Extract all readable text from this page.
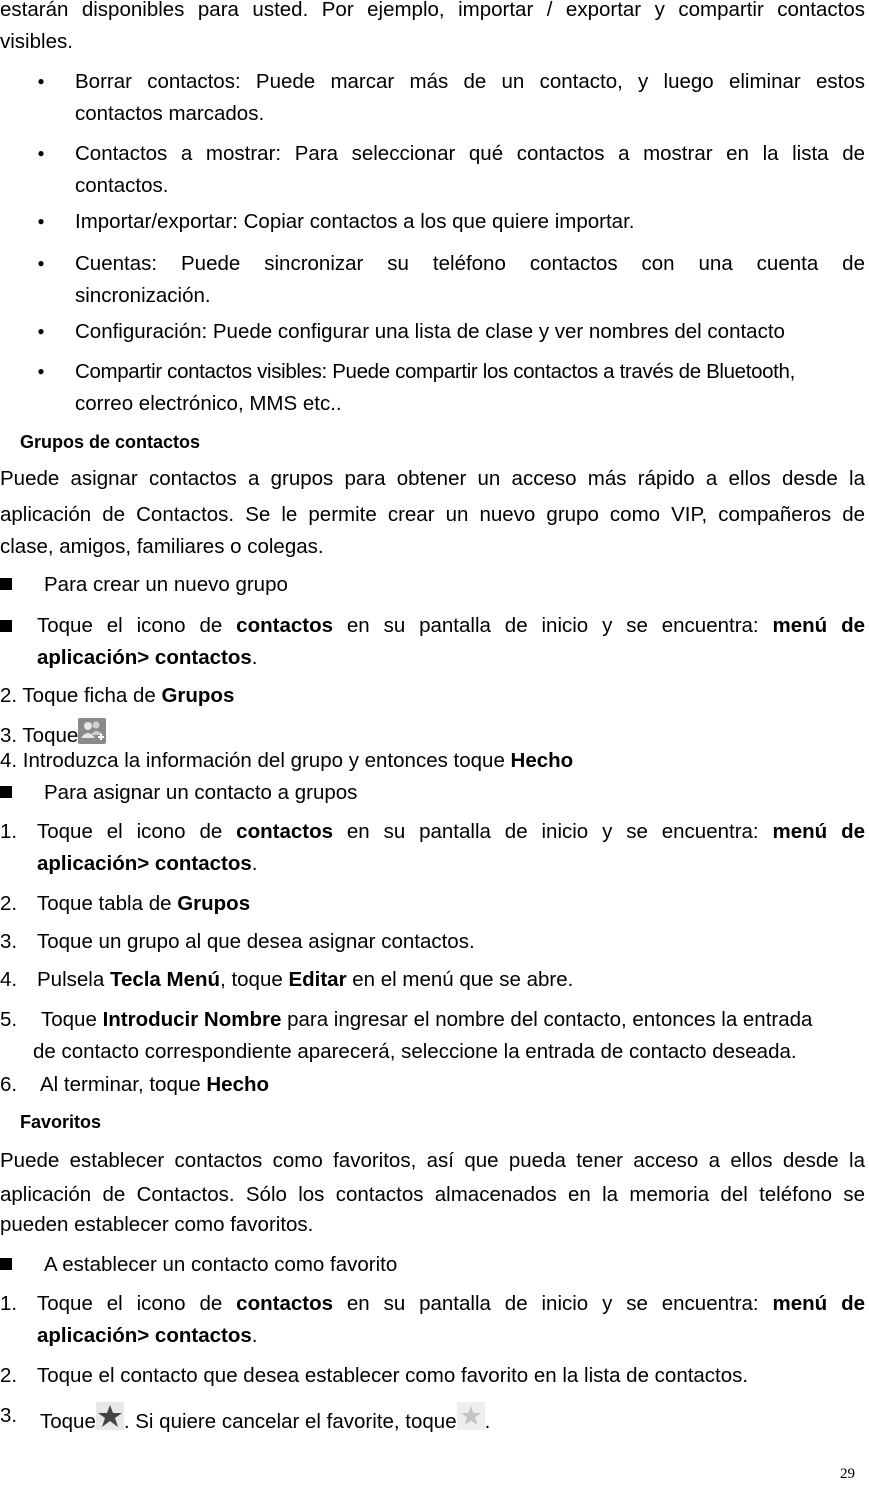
estarán disponibles para usted. Por ejemplo, importar / exportar y compartir contactos
visibles.
● Borrar contactos: Puede marcar más de un contacto, y luego eliminar estos
contactos marcados.
● Contactos a mostrar: Para seleccionar qué contactos a mostrar en la lista de
contactos.
● Importar/exportar: Copiar contactos a los que quiere importar.
● Cuentas: Puede sincronizar su teléfono contactos con una cuenta de
sincronización.
● Configuración: Puede configurar una lista de clase y ver nombres del contacto
● Compartir contactos visibles: Puede compartir los contactos a través de Bluetooth,
correo electrónico, MMS etc..
Grupos de contactos
Puede asignar contactos a grupos para obtener un acceso más rápido a ellos desde la
aplicación de Contactos. Se le permite crear un nuevo grupo como VIP, compañeros de
clase, amigos, familiares o colegas.
Para crear un nuevo grupo
Toque el icono de contactos en su pantalla de inicio y se encuentra: menú de
aplicación> contactos.
2. Toque ficha de Grupos
3. Toque
4. Introduzca la información del grupo y entonces toque Hecho
Para asignar un contacto a grupos
1. Toque el icono de contactos en su pantalla de inicio y se encuentra: menú de
aplicación> contactos.
2. Toque tabla de Grupos
3. Toque un grupo al que desea asignar contactos.
4. Pulsela Tecla Menú, toque Editar en el menú que se abre.
5. Toque Introducir Nombre para ingresar el nombre del contacto, entonces la entrada
de contacto correspondiente aparecerá, seleccione la entrada de contacto deseada.
6. Al terminar, toque Hecho
Favoritos
Puede establecer contactos como favoritos, así que pueda tener acceso a ellos desde la
aplicación de Contactos. Sólo los contactos almacenados en la memoria del teléfono se
pueden establecer como favoritos.
A establecer un contacto como favorito
1. Toque el icono de contactos en su pantalla de inicio y se encuentra: menú de
aplicación> contactos.
2. Toque el contacto que desea establecer como favorito en la lista de contactos.
3. Toque . Si quiere cancelar el favorite, toque .
29
